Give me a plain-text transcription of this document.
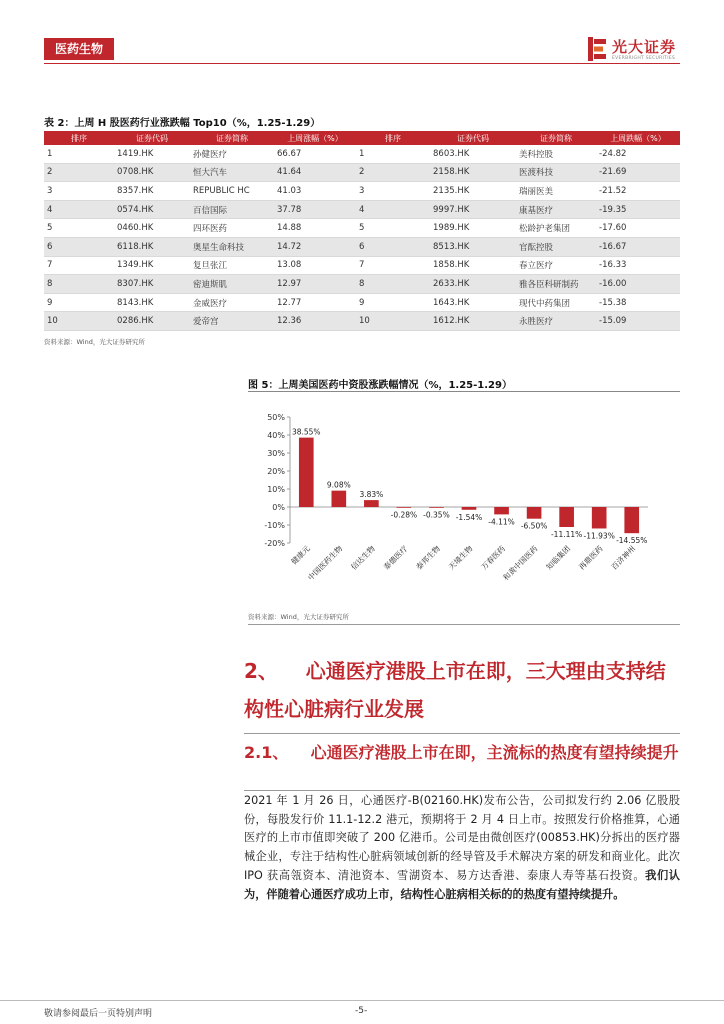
医药生物	光大证券
EVERBRIGHT SECURITIES
表 2：上周 H 股医药行业涨跌幅 Top10（%，1.25-1.29）
排序	证券代码	证券简称	上周涨幅（%）	排序	证券代码	证券简称	上周跌幅（%）
1	1419.HK	孙健医疗	66.67	1	8603.HK	美科控股	-24.82
2	0708.HK	恒大汽车	41.64	2	2158.HK	医渡科技	-21.69
3	8357.HK	REPUBLIC HC	41.03	3	2135.HK	瑞丽医美	-21.52
4	0574.HK	百信国际	37.78	4	9997.HK	康基医疗	-19.35
5	0460.HK	四环医药	14.88	5	1989.HK	松龄护老集团	-17.60
6	6118.HK	奥星生命科技	14.72	6	8513.HK	官酝控股	-16.67
7	1349.HK	复旦张江	13.08	7	1858.HK	春立医疗	-16.33
8	8307.HK	密迪斯肌	12.97	8	2633.HK	雅各臣科研制药	-16.00
9	8143.HK	金威医疗	12.77	9	1643.HK	现代中药集团	-15.38
10	0286.HK	爱帝宫	12.36	10	1612.HK	永胜医疗	-15.09
资料来源：Wind，光大证券研究所
图 5：上周美国医药中资股涨跌幅情况（%，1.25-1.29）
-20%
-10%
0%
10%
20%
30%
40%
50%
38.55%
健康元
9.08%
中国医药生物
3.83%
信达生物
-0.28%
泰德医疗
-0.35%
泰邦生物
-1.54%
天境生物
-4.11%
万春医药
-6.50%
和黄中国医药
-11.11%
知临集团
-11.93%
再鼎医药
-14.55%
百济神州
资料来源：Wind，光大证券研究所
2、 心通医疗港股上市在即，三大理由支持结构性心脏病行业发展
2.1、 心通医疗港股上市在即，主流标的热度有望持续提升
2021 年 1 月 26 日，心通医疗-B(02160.HK)发布公告，公司拟发行约 2.06 亿股股份，每股发行价 11.1-12.2 港元，预期将于 2 月 4 日上市。按照发行价格推算，心通医疗的上市市值即突破了 200 亿港币。公司是由微创医疗(00853.HK)分拆出的医疗器械企业，专注于结构性心脏病领域创新的经导管及手术解决方案的研发和商业化。此次 IPO 获高瓴资本、清池资本、雪湖资本、易方达香港、泰康人寿等基石投资。我们认为，伴随着心通医疗成功上市，结构性心脏病相关标的的热度有望持续提升。
敬请参阅最后一页特别声明	-5-
